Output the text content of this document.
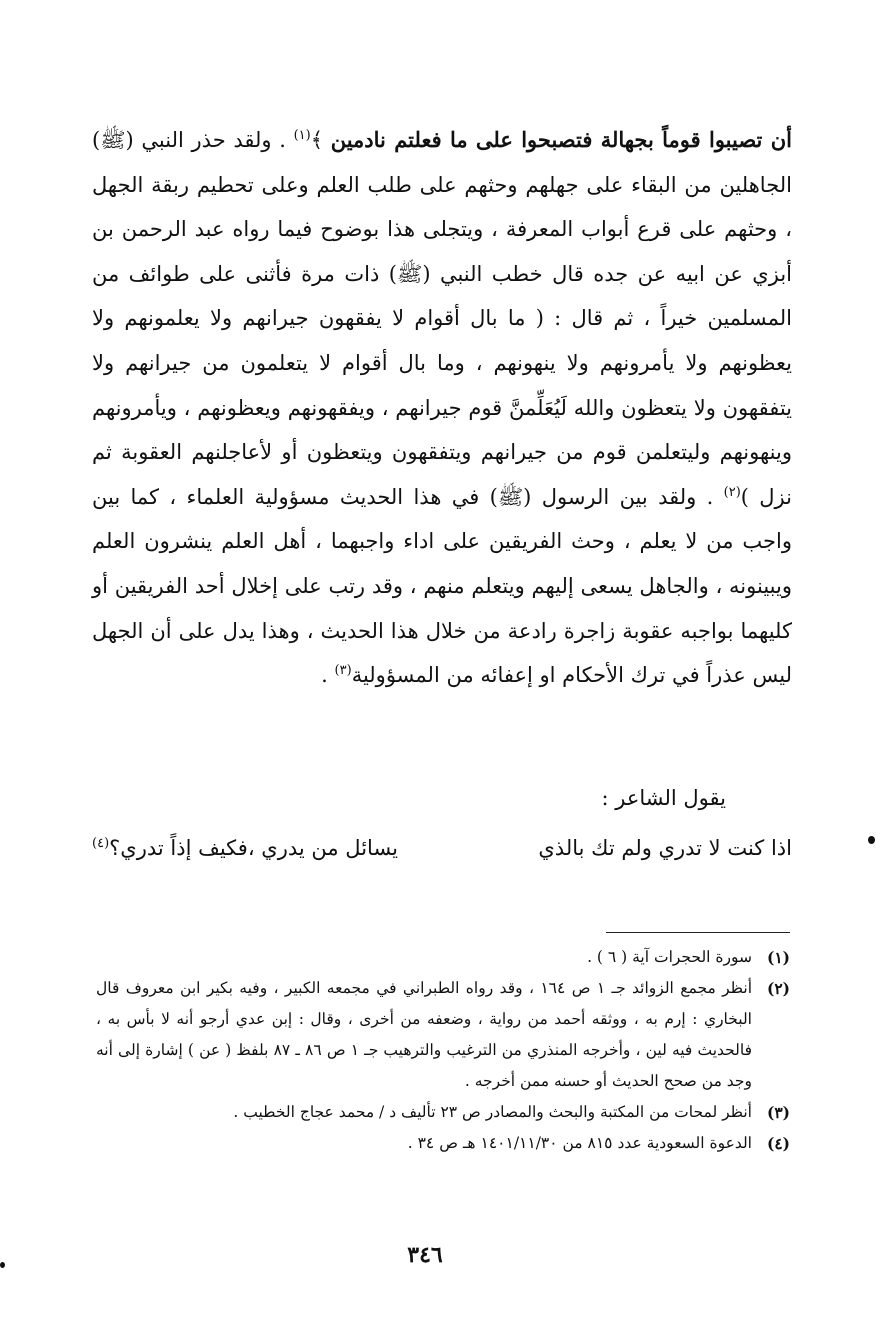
أن تصيبوا قوماً بجهالة فتصبحوا على ما فعلتم نادمين ﴾$^{(١)}$ . ولقد حذر النبي (ﷺ) الجاهلين من البقاء على جهلهم وحثهم على طلب العلم وعلى تحطيم ربقة الجهل ، وحثهم على قرع أبواب المعرفة ، ويتجلى هذا بوضوح فيما رواه عبد الرحمن بن أبزي عن ابيه عن جده قال خطب النبي (ﷺ) ذات مرة فأثنى على طوائف من المسلمين خيراً ، ثم قال : ( ما بال أقوام لا يفقهون جيرانهم ولا يعلمونهم ولا يعظونهم ولا يأمرونهم ولا ينهونهم ، وما بال أقوام لا يتعلمون من جيرانهم ولا يتفقهون ولا يتعظون والله لَيُعَلِّمنَّ قوم جيرانهم ، ويفقهونهم ويعظونهم ، ويأمرونهم وينهونهم وليتعلمن قوم من جيرانهم ويتفقهون ويتعظون أو لأعاجلنهم العقوبة ثم نزل )$^{(٢)}$ . ولقد بين الرسول (ﷺ) في هذا الحديث مسؤولية العلماء ، كما بين واجب من لا يعلم ، وحث الفريقين على اداء واجبهما ، أهل العلم ينشرون العلم ويبينونه ، والجاهل يسعى إليهم ويتعلم منهم ، وقد رتب على إخلال أحد الفريقين أو كليهما بواجبه عقوبة زاجرة رادعة من خلال هذا الحديث ، وهذا يدل على أن الجهل ليس عذراً في ترك الأحكام او إعفائه من المسؤولية$^{(٣)}$ .

يقول الشاعر :
اذا كنت لا تدري ولم تك بالذي
يسائل من يدري ،فكيف إذاً تدري؟$^{(٤)}$
(١)
سورة الحجرات آية ( ٦ ) .
(٢)
أنظر مجمع الزوائد جـ ١ ص ١٦٤ ، وقد رواه الطبراني في مجمعه الكبير ، وفيه بكير ابن معروف قال البخاري : إرم به ، ووثقه أحمد من رواية ، وضعفه من أخرى ، وقال : إبن عدي أرجو أنه لا بأس به ، فالحديث فيه لين ، وأخرجه المنذري من الترغيب والترهيب جـ ١ ص ٨٦ ـ ٨٧ بلفظ ( عن ) إشارة إلى أنه وجد من صحح الحديث أو حسنه ممن أخرجه .
(٣)
أنظر لمحات من المكتبة والبحث والمصادر ص ٢٣ تأليف د / محمد عجاج الخطيب .
(٤)
الدعوة السعودية عدد ٨١٥ من ١٤٠١/١١/٣٠ هـ ص ٣٤ .
٣٤٦
